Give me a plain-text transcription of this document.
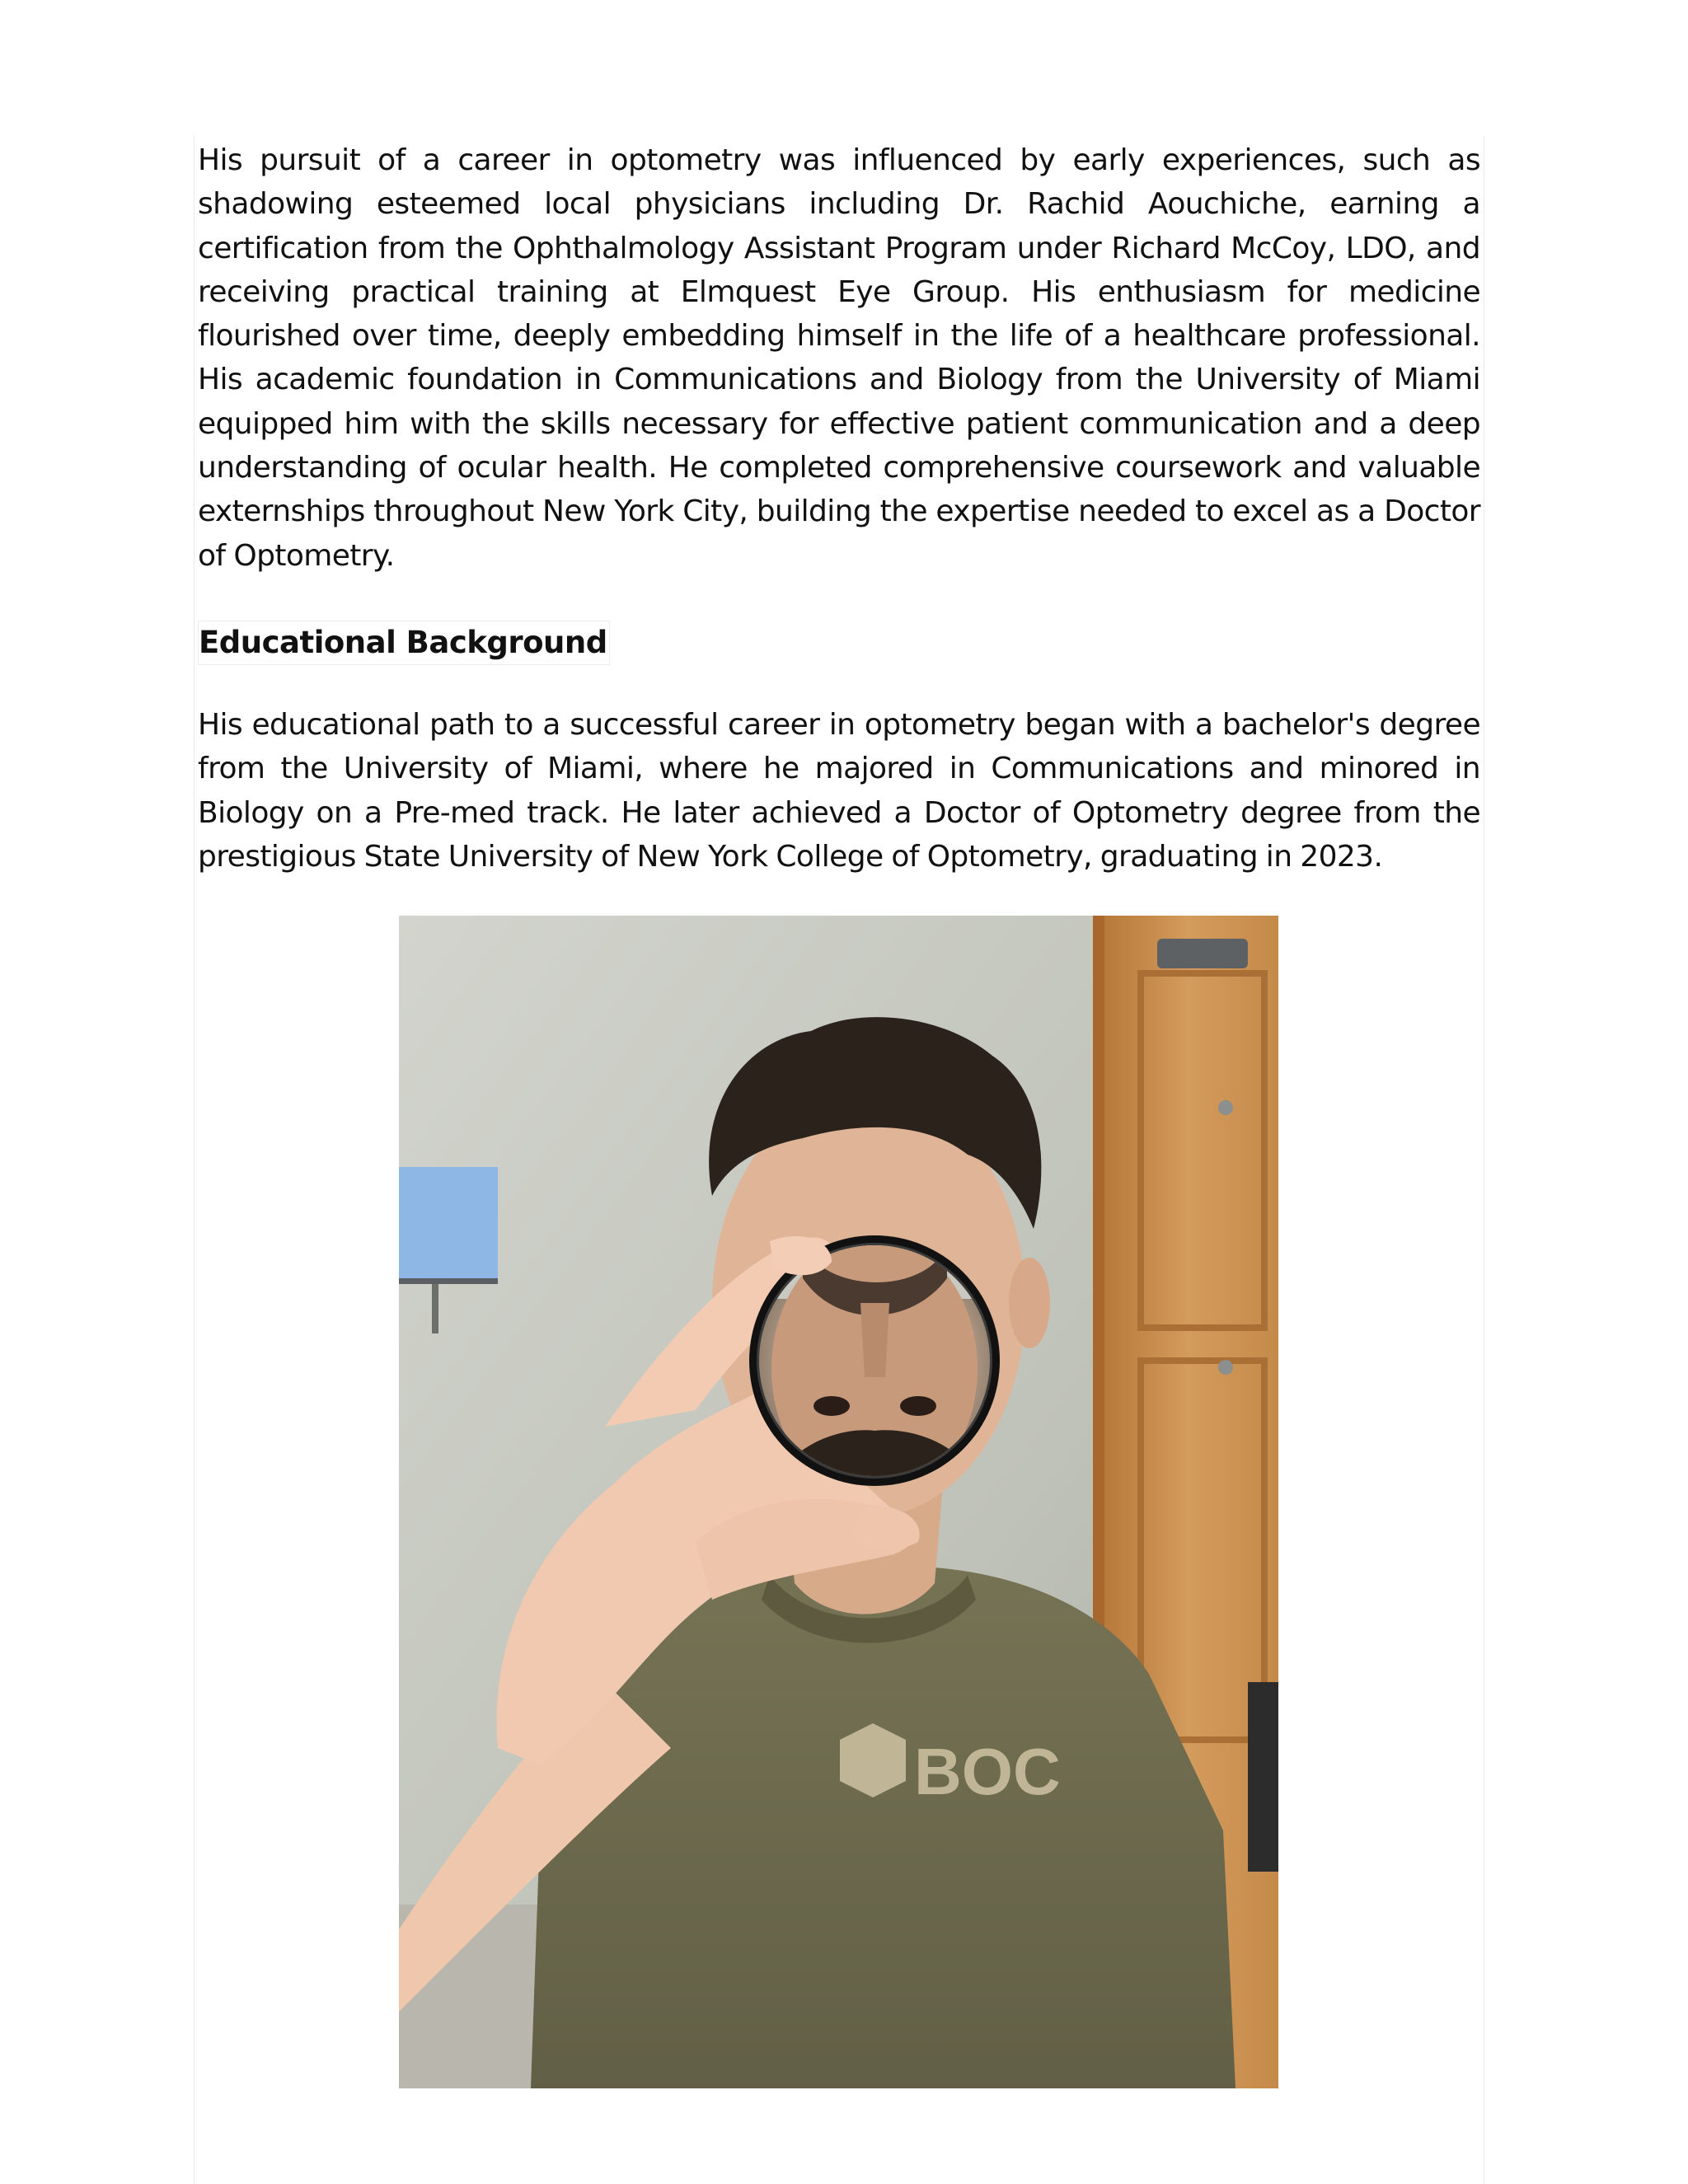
His pursuit of a career in optometry was influenced by early experiences, such as shadowing esteemed local physicians including Dr. Rachid Aouchiche, earning a certification from the Ophthalmology Assistant Program under Richard McCoy, LDO, and receiving practical training at Elmquest Eye Group. His enthusiasm for medicine flourished over time, deeply embedding himself in the life of a healthcare professional. His academic foundation in Communications and Biology from the University of Miami equipped him with the skills necessary for effective patient communication and a deep understanding of ocular health. He completed comprehensive coursework and valuable externships throughout New York City, building the expertise needed to excel as a Doctor of Optometry.

Educational Background

His educational path to a successful career in optometry began with a bachelor's degree from the University of Miami, where he majored in Communications and minored in Biology on a Pre-med track. He later achieved a Doctor of Optometry degree from the prestigious State University of New York College of Optometry, graduating in 2023.

BOC
